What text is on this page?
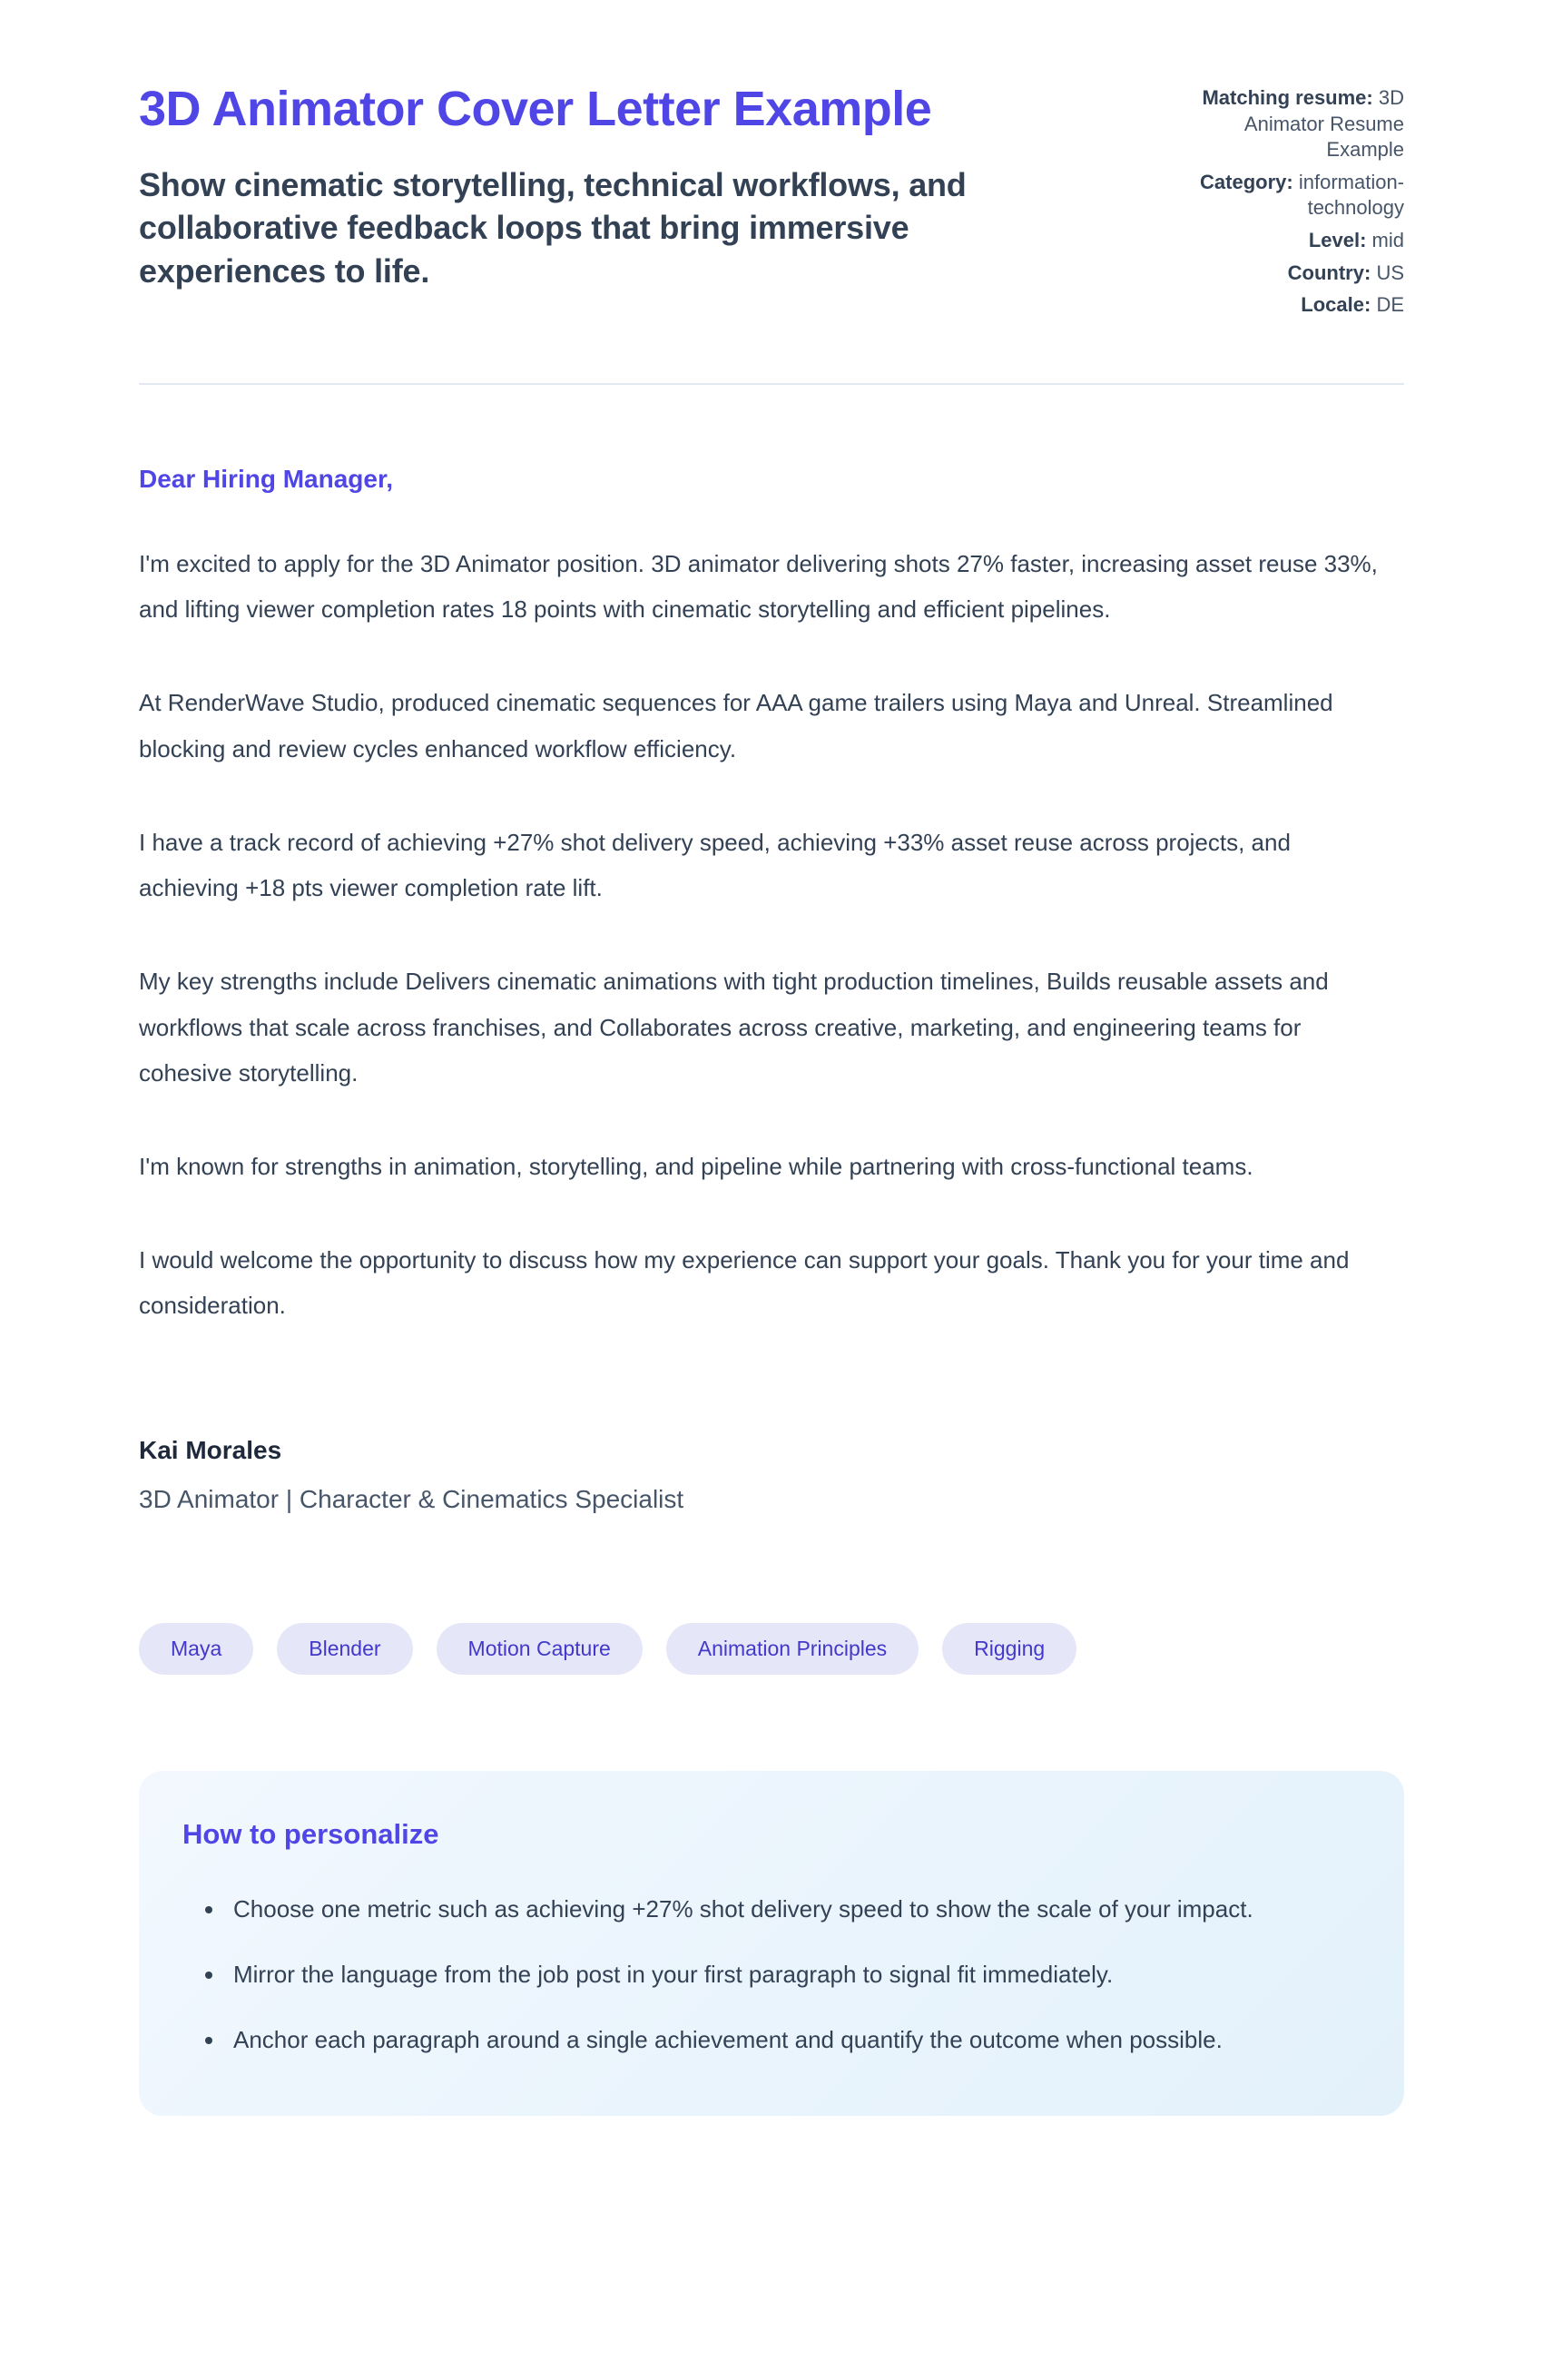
3D Animator Cover Letter Example

Show cinematic storytelling, technical workflows, and collaborative feedback loops that bring immersive experiences to life.

Matching resume: 3D Animator Resume Example
Category: information-technology
Level: mid
Country: US
Locale: DE

Dear Hiring Manager,

I'm excited to apply for the 3D Animator position. 3D animator delivering shots 27% faster, increasing asset reuse 33%, and lifting viewer completion rates 18 points with cinematic storytelling and efficient pipelines.

At RenderWave Studio, produced cinematic sequences for AAA game trailers using Maya and Unreal. Streamlined blocking and review cycles enhanced workflow efficiency.

I have a track record of achieving +27% shot delivery speed, achieving +33% asset reuse across projects, and achieving +18 pts viewer completion rate lift.

My key strengths include Delivers cinematic animations with tight production timelines, Builds reusable assets and workflows that scale across franchises, and Collaborates across creative, marketing, and engineering teams for cohesive storytelling.

I'm known for strengths in animation, storytelling, and pipeline while partnering with cross-functional teams.

I would welcome the opportunity to discuss how my experience can support your goals. Thank you for your time and consideration.

Kai Morales

3D Animator | Character & Cinematics Specialist

Maya	Blender	Motion Capture	Animation Principles	Rigging
How to personalize
• Choose one metric such as achieving +27% shot delivery speed to show the scale of your impact.
• Mirror the language from the job post in your first paragraph to signal fit immediately.
• Anchor each paragraph around a single achievement and quantify the outcome when possible.
